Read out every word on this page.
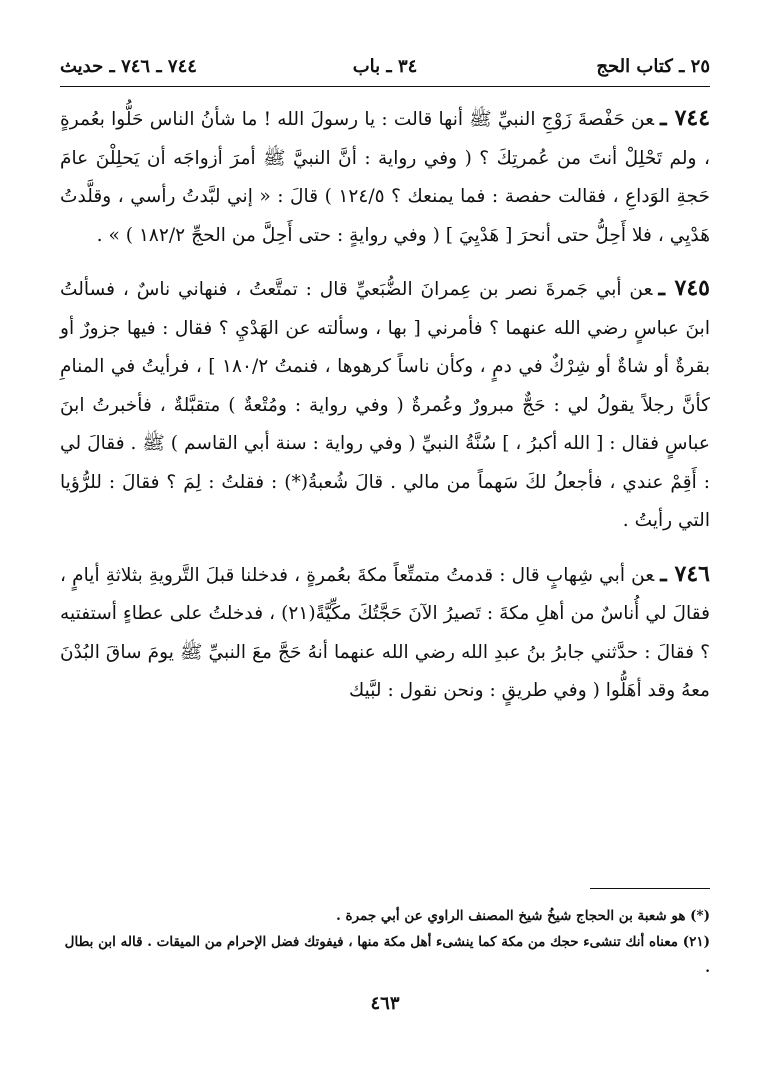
٢٥ ـ كتاب الحج
٣٤ ـ باب
٧٤٤ ـ ٧٤٦ ـ حديث

٧٤٤ ـعن حَفْصةَ زَوْجِ النبيِّ ﷺ أنها قالت : يا رسولَ الله ! ما شأنُ الناس حَلُّوا بعُمرةٍ ، ولم تَحْلِلْ أنتَ من عُمرتِكَ ؟ ( وفي رواية : أنَّ النبيَّ ﷺ أمرَ أزواجَه أن يَحلِلْنَ عامَ حَجةِ الوَداعِ ، فقالت حفصة : فما يمنعك ؟ ١٢٤/٥ ) قالَ : « إني لبَّدتُ رأسي ، وقلَّدتُ هَدْيِي ، فلا أَحِلُّ حتى أنحرَ [ هَدْيِيَ ] ( وفي روايةٍ : حتى أَحِلَّ من الحجِّ ١٨٢/٢ ) » .

٧٤٥ ـعن أبي جَمرةَ نصر بن عِمرانَ الضُّبَعيِّ قال : تمتَّعتُ ، فنهاني ناسٌ ، فسألتُ ابنَ عباسٍ رضي الله عنهما ؟ فأمرني [ بها ، وسألته عن الهَدْيِ ؟ فقال : فيها جزورٌ أو بقرةٌ أو شاةٌ أو شِرْكٌ في دمٍ ، وكأن ناساً كرهوها ، فنمتُ ١٨٠/٢ ] ، فرأيتُ في المنامِ كأنَّ رجلاً يقولُ لي : حَجٌّ مبرورٌ وعُمرةٌ ( وفي رواية : ومُتْعةٌ ) متقبَّلةٌ ، فأخبرتُ ابنَ عباسٍ فقال : [ الله أكبرُ ، ] سُنَّةُ النبيِّ ( وفي رواية : سنة أبي القاسم ) ﷺ . فقالَ لي : أَقِمْ عندي ، فأجعلُ لكَ سَهماً من مالي . قالَ شُعبةُ(*) : فقلتُ : لِمَ ؟ فقالَ : للرُّؤيا التي رأيتُ .

٧٤٦ ـعن أبي شِهابٍ قال : قدمتُ متمتِّعاً مكةَ بعُمرةٍ ، فدخلنا قبلَ التَّرويةِ بثلاثةِ أيامٍ ، فقالَ لي أُناسٌ من أهلِ مكةَ : تَصيرُ الآنَ حَجَّتُكَ مكِّيَّةً(٢١) ، فدخلتُ على عطاءٍ أستفتيه ؟ فقالَ : حدَّثني جابرُ بنُ عبدِ الله رضي الله عنهما أنهُ حَجَّ معَ النبيِّ ﷺ يومَ ساقَ البُدْنَ معهُ وقد أهَلُّوا ( وفي طريقٍ : ونحن نقول : لبَّيك

(*) هو شعبة بن الحجاج شيخُ شيخ المصنف الراوي عن أبي جمرة .

(٢١) معناه أنك تنشىء حجك من مكة كما ينشىء أهل مكة منها ، فيفوتك فضل الإحرام من الميقات . قاله ابن بطال .

٤٦٣
